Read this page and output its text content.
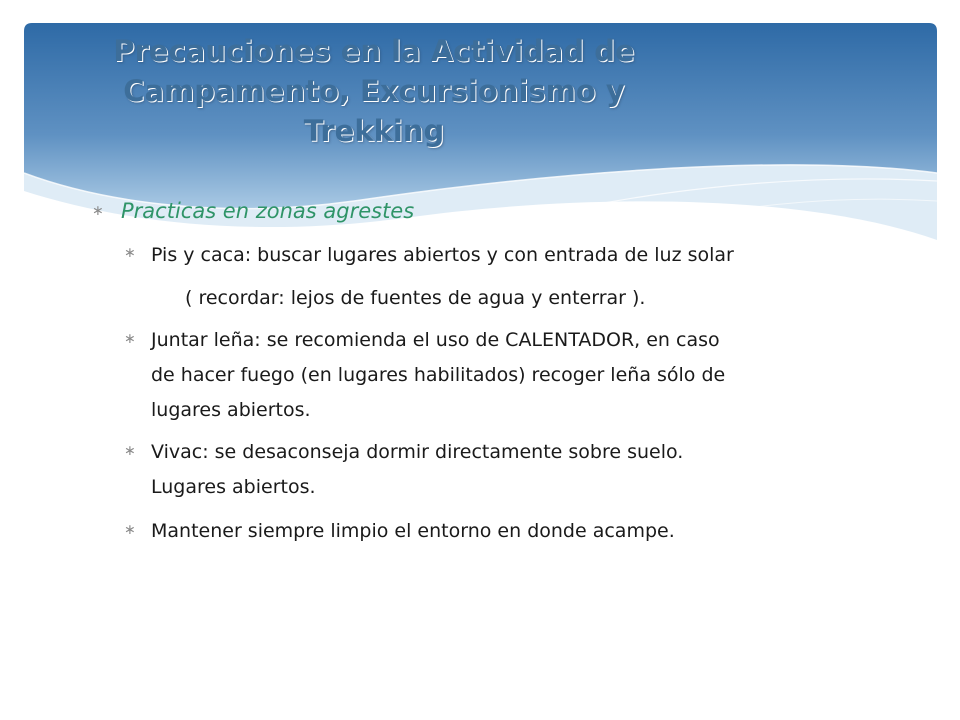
Precauciones en la Actividad de
Campamento, Excursionismo y
Trekking
∗ Practicas en zonas agrestes
∗ Pis y caca: buscar lugares abiertos y con entrada de luz solar

( recordar: lejos de fuentes de agua y enterrar ).

∗ Juntar leña: se recomienda el uso de CALENTADOR, en caso

de hacer fuego (en lugares habilitados) recoger leña sólo de

lugares abiertos.

∗ Vivac: se desaconseja dormir directamente sobre suelo.

Lugares abiertos.

∗ Mantener siempre limpio el entorno en donde acampe.
